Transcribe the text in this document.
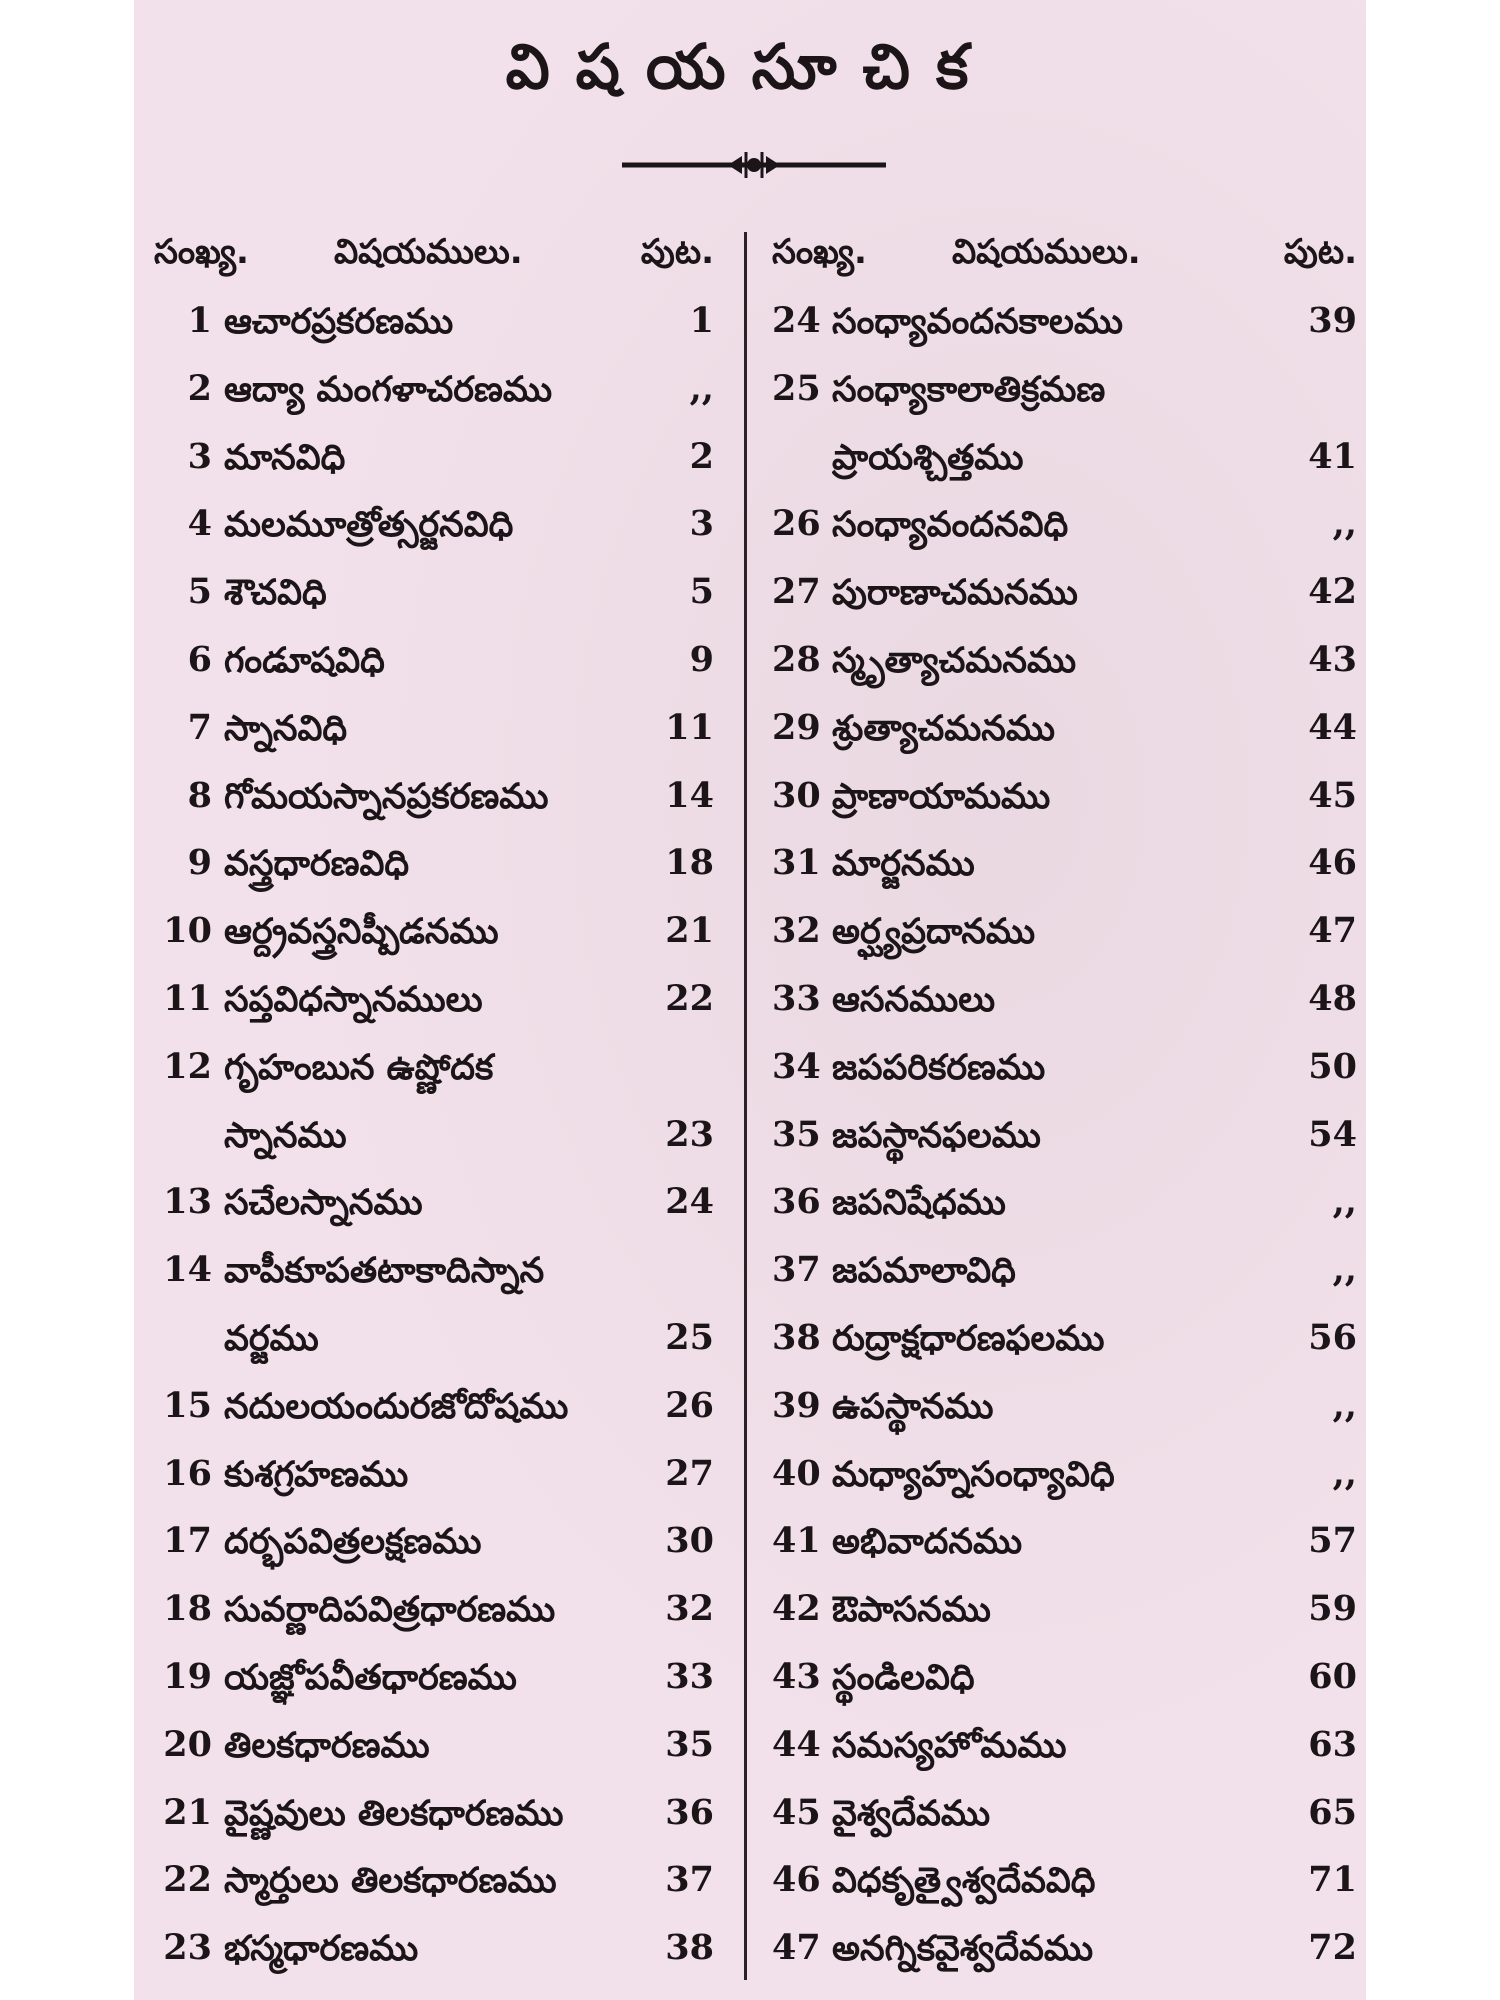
విషయసూచిక
సంఖ్య.	విషయములు.	పుట. సంఖ్య.	విషయములు.	పుట.
1 ఆచారప్రకరణము	1
2 ఆద్యా మంగళాచరణము	,,
3 మానవిధి	2
4 మలమూత్రోత్సర్జనవిధి	3
5 శౌచవిధి	5
6 గండూషవిధి	9
7 స్నానవిధి	11
8 గోమయస్నానప్రకరణము	14
9 వస్త్రధారణవిధి	18
10 ఆర్ద్రవస్త్రనిష్పీడనము	21
11 సప్తవిధస్నానములు	22
12 గృహంబున ఉష్ణోదక
స్నానము	23
13 సచేలస్నానము	24
14 వాపీకూపతటాకాదిస్నాన
వర్జము	25
15 నదులయందురజోదోషము	26
16 కుశగ్రహణము	27
17 దర్భపవిత్రలక్షణము	30
18 సువర్ణాదిపవిత్రధారణము	32
19 యజ్ఞోపవీతధారణము	33
20 తిలకధారణము	35
21 వైష్ణవులు తిలకధారణము	36
22 స్మార్తులు తిలకధారణము	37
23 భస్మధారణము	38
24 సంధ్యావందనకాలము	39
25 సంధ్యాకాలాతిక్రమణ
ప్రాయశ్చిత్తము	41
26 సంధ్యావందనవిధి	,,
27 పురాణాచమనము	42
28 స్మృత్యాచమనము	43
29 శ్రుత్యాచమనము	44
30 ప్రాణాయామము	45
31 మార్జనము	46
32 అర్ఘ్యప్రదానము	47
33 ఆసనములు	48
34 జపపరికరణము	50
35 జపస్థానఫలము	54
36 జపనిషేధము	,,
37 జపమాలావిధి	,,
38 రుద్రాక్షధారణఫలము	56
39 ఉపస్థానము	,,
40 మధ్యాహ్నసంధ్యావిధి	,,
41 అభివాదనము	57
42 ఔపాసనము	59
43 స్థండిలవిధి	60
44 సమస్యహోమము	63
45 వైశ్వదేవము	65
46 విధకృత్వైశ్వదేవవిధి	71
47 అనగ్నికవైశ్వదేవము	72
